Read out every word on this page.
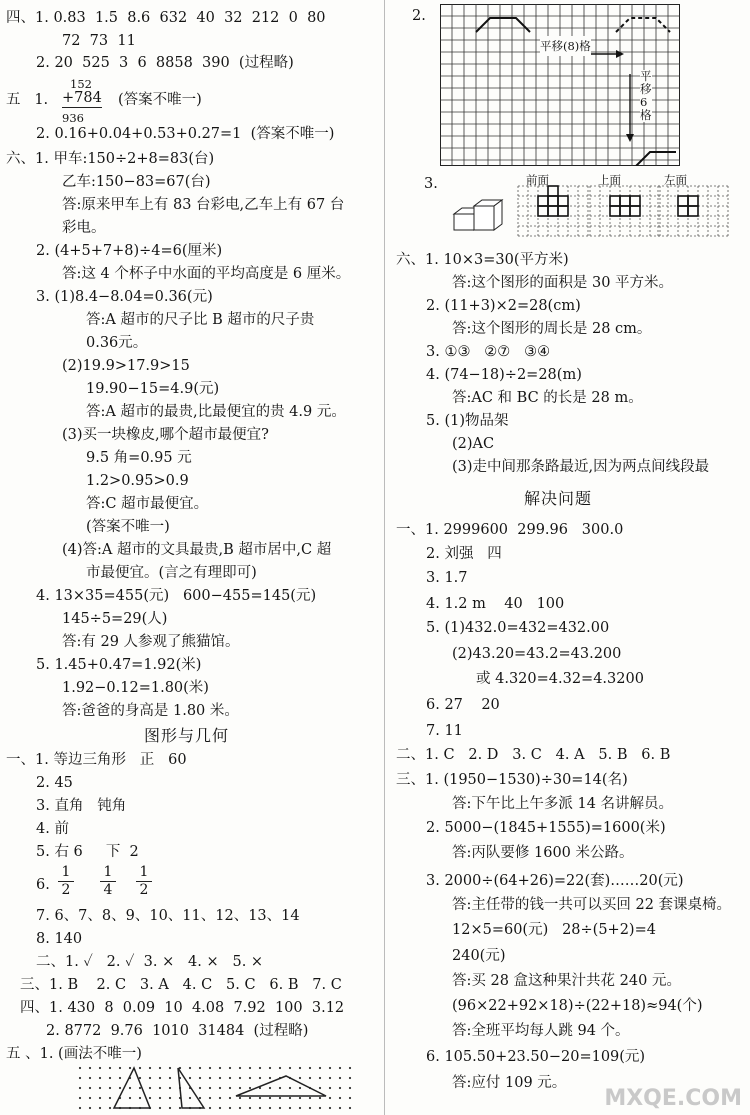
四、1. 0.83  1.5  8.6  632  40  32  212  0  80
72  73  11
2. 20  525  3  6  8858  390  (过程略)
152
五   1. +784 (答案不唯一)
936
2. 0.16+0.04+0.53+0.27=1  (答案不唯一)
六、1. 甲车:150÷2+8=83(台)
乙车:150−83=67(台)
答:原来甲车上有 83 台彩电,乙车上有 67 台
彩电。
2. (4+5+7+8)÷4=6(厘米)
答:这 4 个杯子中水面的平均高度是 6 厘米。
3. (1)8.4−8.04=0.36(元)
答:A 超市的尺子比 B 超市的尺子贵
0.36元。
(2)19.9>17.9>15
19.90−15=4.9(元)
答:A 超市的最贵,比最便宜的贵 4.9 元。
(3)买一块橡皮,哪个超市最便宜?
9.5 角=0.95 元
1.2>0.95>0.9
答:C 超市最便宜。
(答案不唯一)
(4)答:A 超市的文具最贵,B 超市居中,C 超
市最便宜。(言之有理即可)
4. 13×35=455(元)   600−455=145(元)
145÷5=29(人)
答:有 29 人参观了熊猫馆。
5. 1.45+0.47=1.92(米)
1.92−0.12=1.80(米)
答:爸爸的身高是 1.80 米。
图形与几何
一、1. 等边三角形   正   60
2. 45
3. 直角   钝角
4. 前
5. 右 6     下  2
6. $\frac{1}{2} \frac{1}{4} \frac{1}{2}$
7. 6、7、8、9、10、11、12、13、14
8. 140
二、1. ✓   2. ✓  3. ×   4. ×   5. ×
三、1. B    2. C   3. A   4. C   5. C   6. B   7. C
四、1. 430  8  0.09  10  4.08  7.92  100  3.12
2. 8772  9.76  1010  31484  (过程略)
五 、1. (画法不唯一)
2.
平移(8)格
平移6格
3.	前面	上面	左面
六、1. 10×3=30(平方米)
答:这个图形的面积是 30 平方米。
2. (11+3)×2=28(cm)
答:这个图形的周长是 28 cm。
3. ①③   ②⑦   ③④
4. (74−18)÷2=28(m)
答:AC 和 BC 的长是 28 m。
5. (1)物品架
(2)AC
(3)走中间那条路最近,因为两点间线段最
解决问题
一、1. 2999600  299.96   300.0
2. 刘强   四
3. 1.7
4. 1.2 m    40   100
5. (1)432.0=432=432.00
(2)43.20=43.2=43.200
或 4.320=4.32=4.3200
6. 27    20
7. 11
二、1. C   2. D   3. C   4. A   5. B   6. B
三、1. (1950−1530)÷30=14(名)
答:下午比上午多派 14 名讲解员。
2. 5000−(1845+1555)=1600(米)
答:丙队要修 1600 米公路。
3. 2000÷(64+26)=22(套)……20(元)
答:主任带的钱一共可以买回 22 套课桌椅。
12×5=60(元)   28÷(5+2)=4
240(元)
答:买 28 盒这种果汁共花 240 元。
(96×22+92×18)÷(22+18)≈94(个)
答:全班平均每人跳 94 个。
6. 105.50+23.50−20=109(元)
答:应付 109 元。
MXQE.COM
